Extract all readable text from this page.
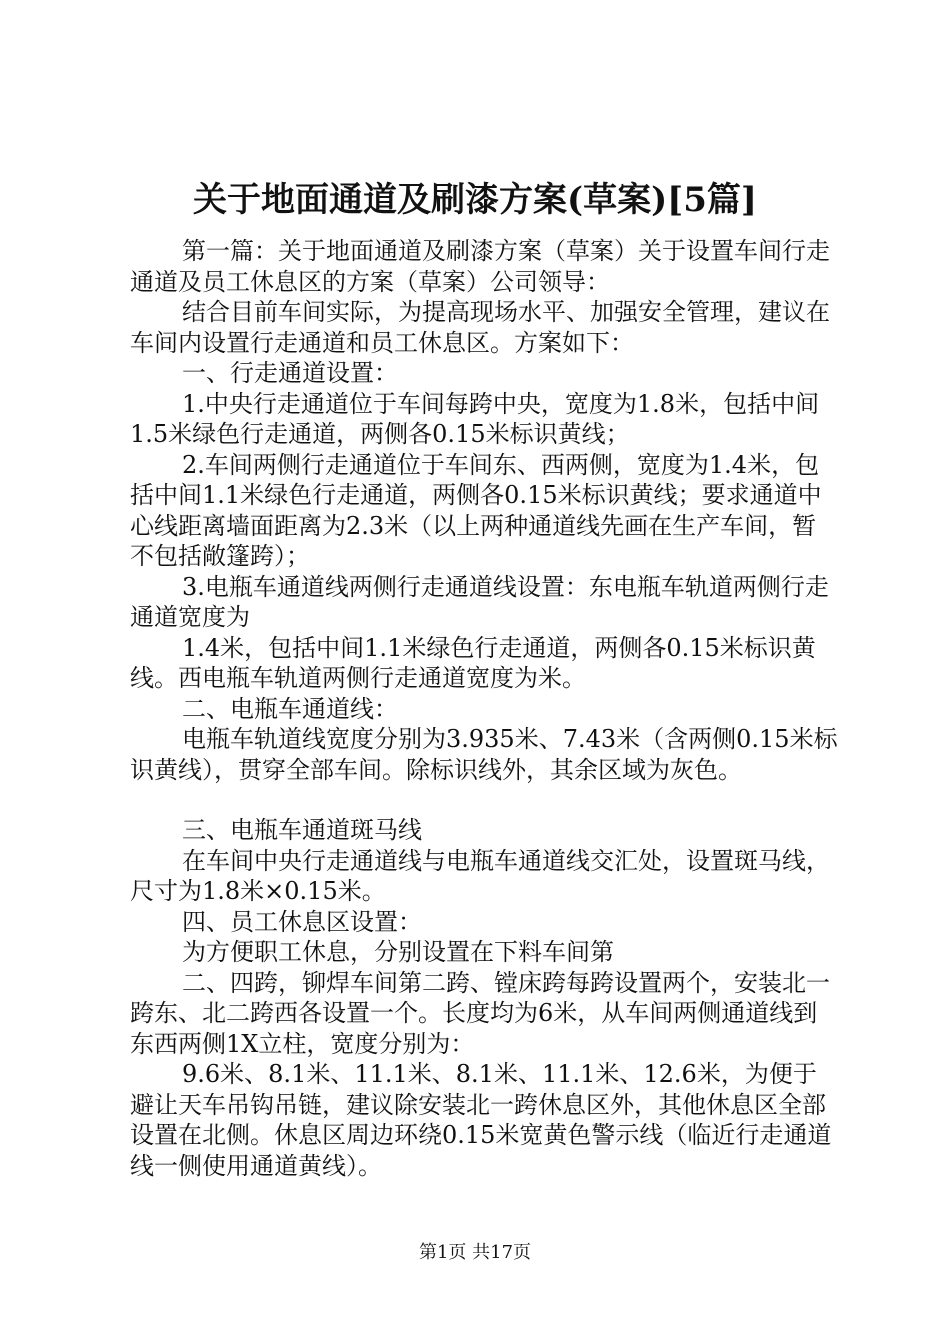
关于地面通道及刷漆方案(草案)[5篇]

第一篇：关于地面通道及刷漆方案（草案）关于设置车间行走通道及员工休息区的方案（草案）公司领导：

结合目前车间实际，为提高现场水平、加强安全管理，建议在车间内设置行走通道和员工休息区。方案如下：

一、行走通道设置：

1.中央行走通道位于车间每跨中央，宽度为1.8米，包括中间1.5米绿色行走通道，两侧各0.15米标识黄线；

2.车间两侧行走通道位于车间东、西两侧，宽度为1.4米，包括中间1.1米绿色行走通道，两侧各0.15米标识黄线；要求通道中心线距离墙面距离为2.3米（以上两种通道线先画在生产车间，暂不包括敞篷跨）；

3.电瓶车通道线两侧行走通道线设置：东电瓶车轨道两侧行走通道宽度为

1.4米，包括中间1.1米绿色行走通道，两侧各0.15米标识黄线。西电瓶车轨道两侧行走通道宽度为米。

二、电瓶车通道线：

电瓶车轨道线宽度分别为3.935米、7.43米（含两侧0.15米标识黄线），贯穿全部车间。除标识线外，其余区域为灰色。

三、电瓶车通道斑马线

在车间中央行走通道线与电瓶车通道线交汇处，设置斑马线，尺寸为1.8米×0.15米。

四、员工休息区设置：

为方便职工休息，分别设置在下料车间第

二、四跨，铆焊车间第二跨、镗床跨每跨设置两个，安装北一跨东、北二跨西各设置一个。长度均为6米，从车间两侧通道线到东西两侧1X立柱，宽度分别为：

9.6米、8.1米、11.1米、8.1米、11.1米、12.6米，为便于避让天车吊钩吊链，建议除安装北一跨休息区外，其他休息区全部设置在北侧。休息区周边环绕0.15米宽黄色警示线（临近行走通道线一侧使用通道黄线）。

第1页 共17页
